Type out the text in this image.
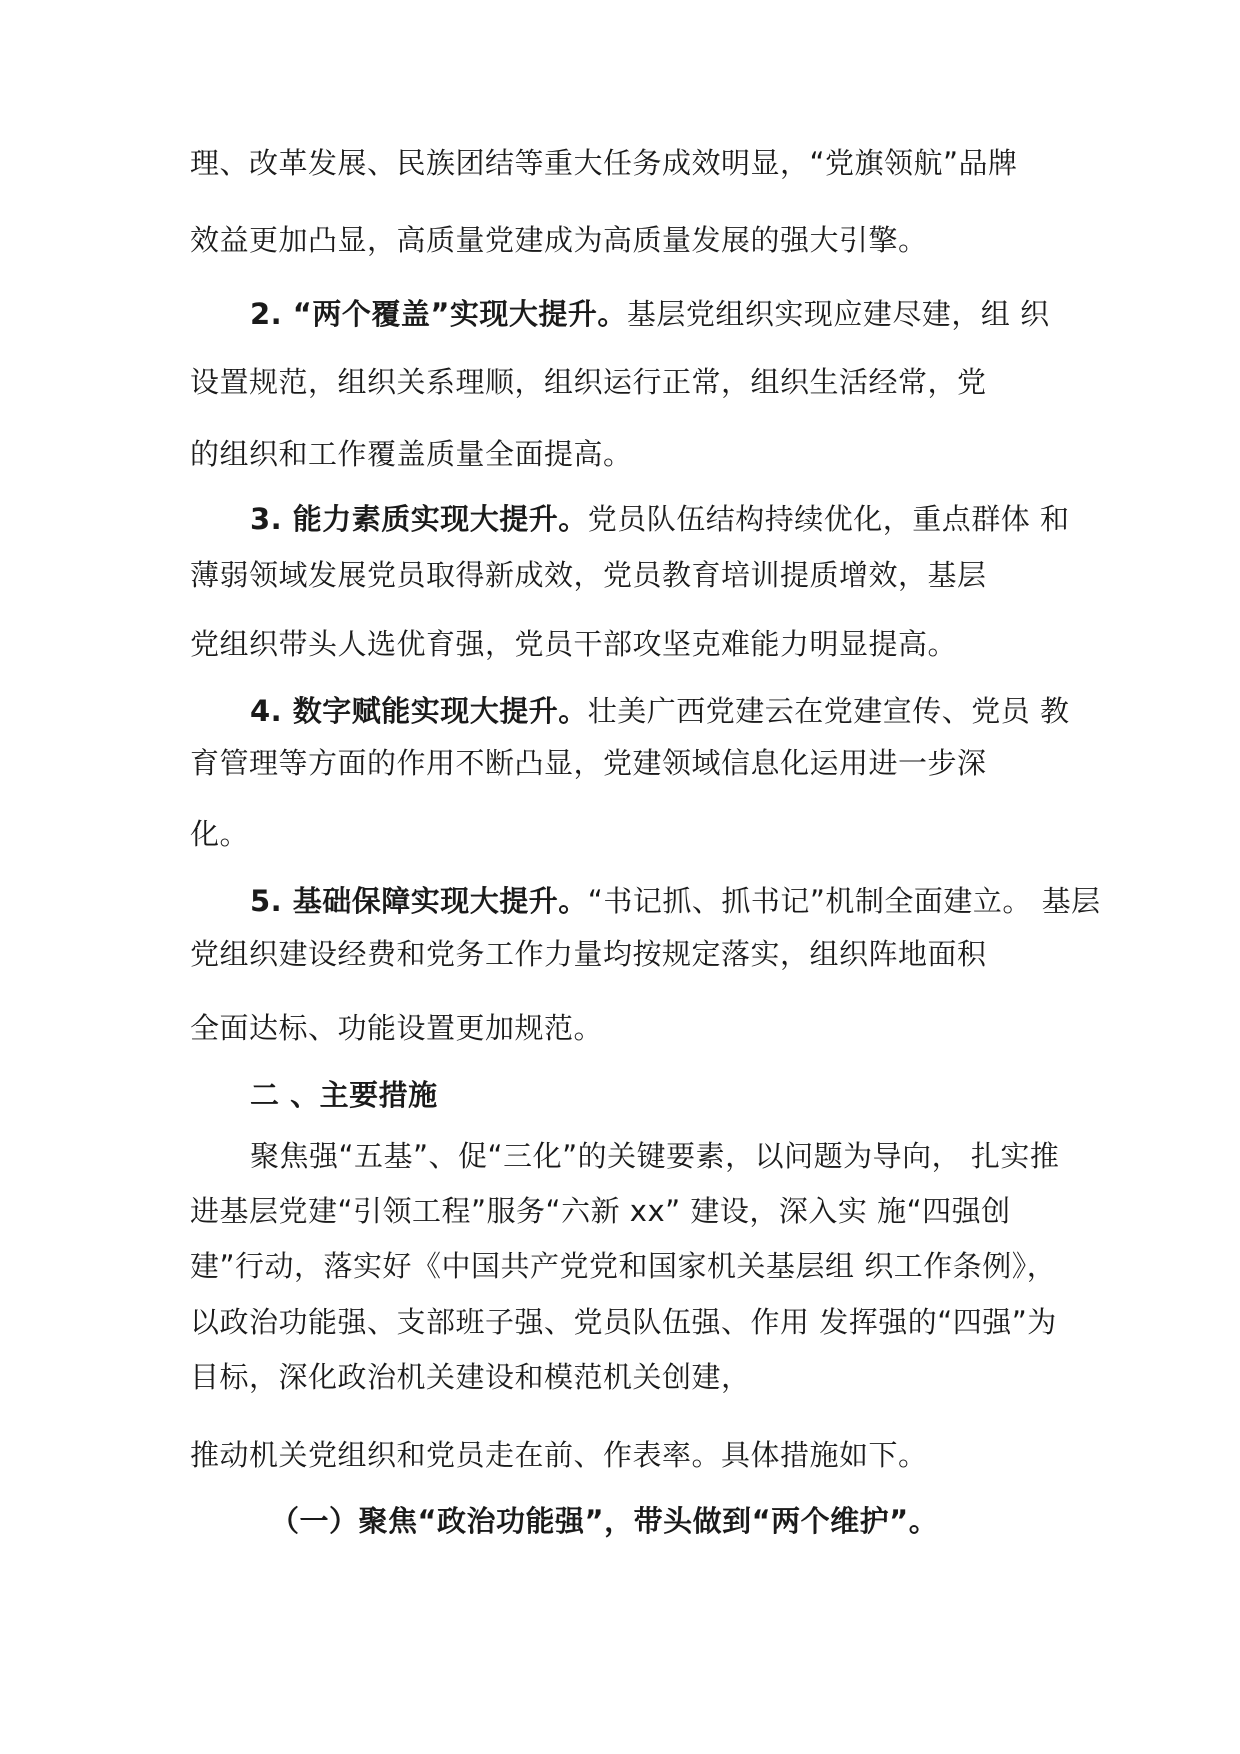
理、改革发展、民族团结等重大任务成效明显，“党旗领航”品牌
效益更加凸显，高质量党建成为高质量发展的强大引擎。
2. “两个覆盖”实现大提升。基层党组织实现应建尽建，组 织
设置规范，组织关系理顺，组织运行正常，组织生活经常，党
的组织和工作覆盖质量全面提高。
3. 能力素质实现大提升。党员队伍结构持续优化，重点群体 和
薄弱领域发展党员取得新成效，党员教育培训提质增效，基层
党组织带头人选优育强，党员干部攻坚克难能力明显提高。
4. 数字赋能实现大提升。壮美广西党建云在党建宣传、党员 教
育管理等方面的作用不断凸显，党建领域信息化运用进一步深
化。
5. 基础保障实现大提升。“书记抓、抓书记”机制全面建立。 基层
党组织建设经费和党务工作力量均按规定落实，组织阵地面积
全面达标、功能设置更加规范。
二 、主要措施
聚焦强“五基”、促“三化”的关键要素，以问题为导向， 扎实推
进基层党建“引领工程”服务“六新 xx” 建设，深入实 施“四强创
建”行动，落实好《中国共产党党和国家机关基层组 织工作条例》，
以政治功能强、支部班子强、党员队伍强、作用 发挥强的“四强”为
目标，深化政治机关建设和模范机关创建，
推动机关党组织和党员走在前、作表率。具体措施如下。
（一）聚焦“政治功能强”，带头做到“两个维护”。
